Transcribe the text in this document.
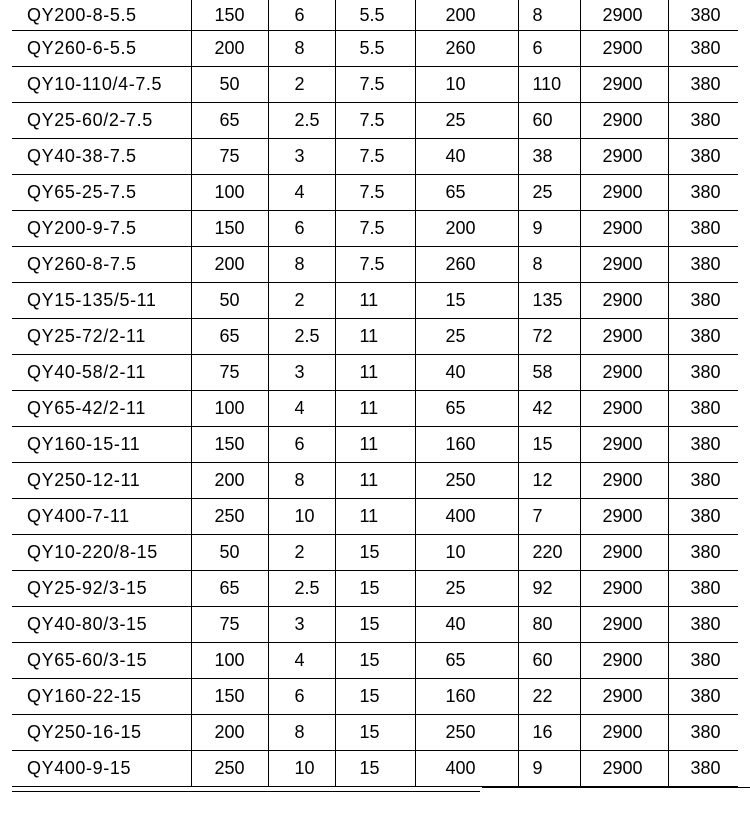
QY200-8-5.5	150	6	5.5	200	8	2900	380
QY260-6-5.5	200	8	5.5	260	6	2900	380
QY10-110/4-7.5	50	2	7.5	10	110	2900	380
QY25-60/2-7.5	65	2.5	7.5	25	60	2900	380
QY40-38-7.5	75	3	7.5	40	38	2900	380
QY65-25-7.5	100	4	7.5	65	25	2900	380
QY200-9-7.5	150	6	7.5	200	9	2900	380
QY260-8-7.5	200	8	7.5	260	8	2900	380
QY15-135/5-11	50	2	11	15	135	2900	380
QY25-72/2-11	65	2.5	11	25	72	2900	380
QY40-58/2-11	75	3	11	40	58	2900	380
QY65-42/2-11	100	4	11	65	42	2900	380
QY160-15-11	150	6	11	160	15	2900	380
QY250-12-11	200	8	11	250	12	2900	380
QY400-7-11	250	10	11	400	7	2900	380
QY10-220/8-15	50	2	15	10	220	2900	380
QY25-92/3-15	65	2.5	15	25	92	2900	380
QY40-80/3-15	75	3	15	40	80	2900	380
QY65-60/3-15	100	4	15	65	60	2900	380
QY160-22-15	150	6	15	160	22	2900	380
QY250-16-15	200	8	15	250	16	2900	380
QY400-9-15	250	10	15	400	9	2900	380
